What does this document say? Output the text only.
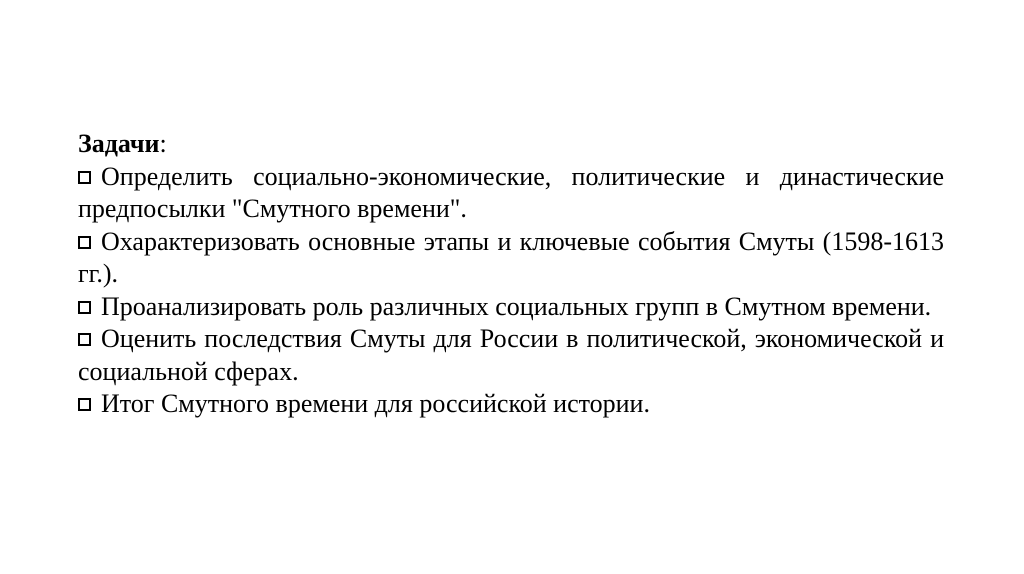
Задачи:

Определить социально-экономические, политические и династические предпосылки "Смутного времени".
Охарактеризовать основные этапы и ключевые события Смуты (1598-1613 гг.).
Проанализировать роль различных социальных групп в Смутном времени.
Оценить последствия Смуты для России в политической, экономической и социальной сферах.
Итог Смутного времени для российской истории.
